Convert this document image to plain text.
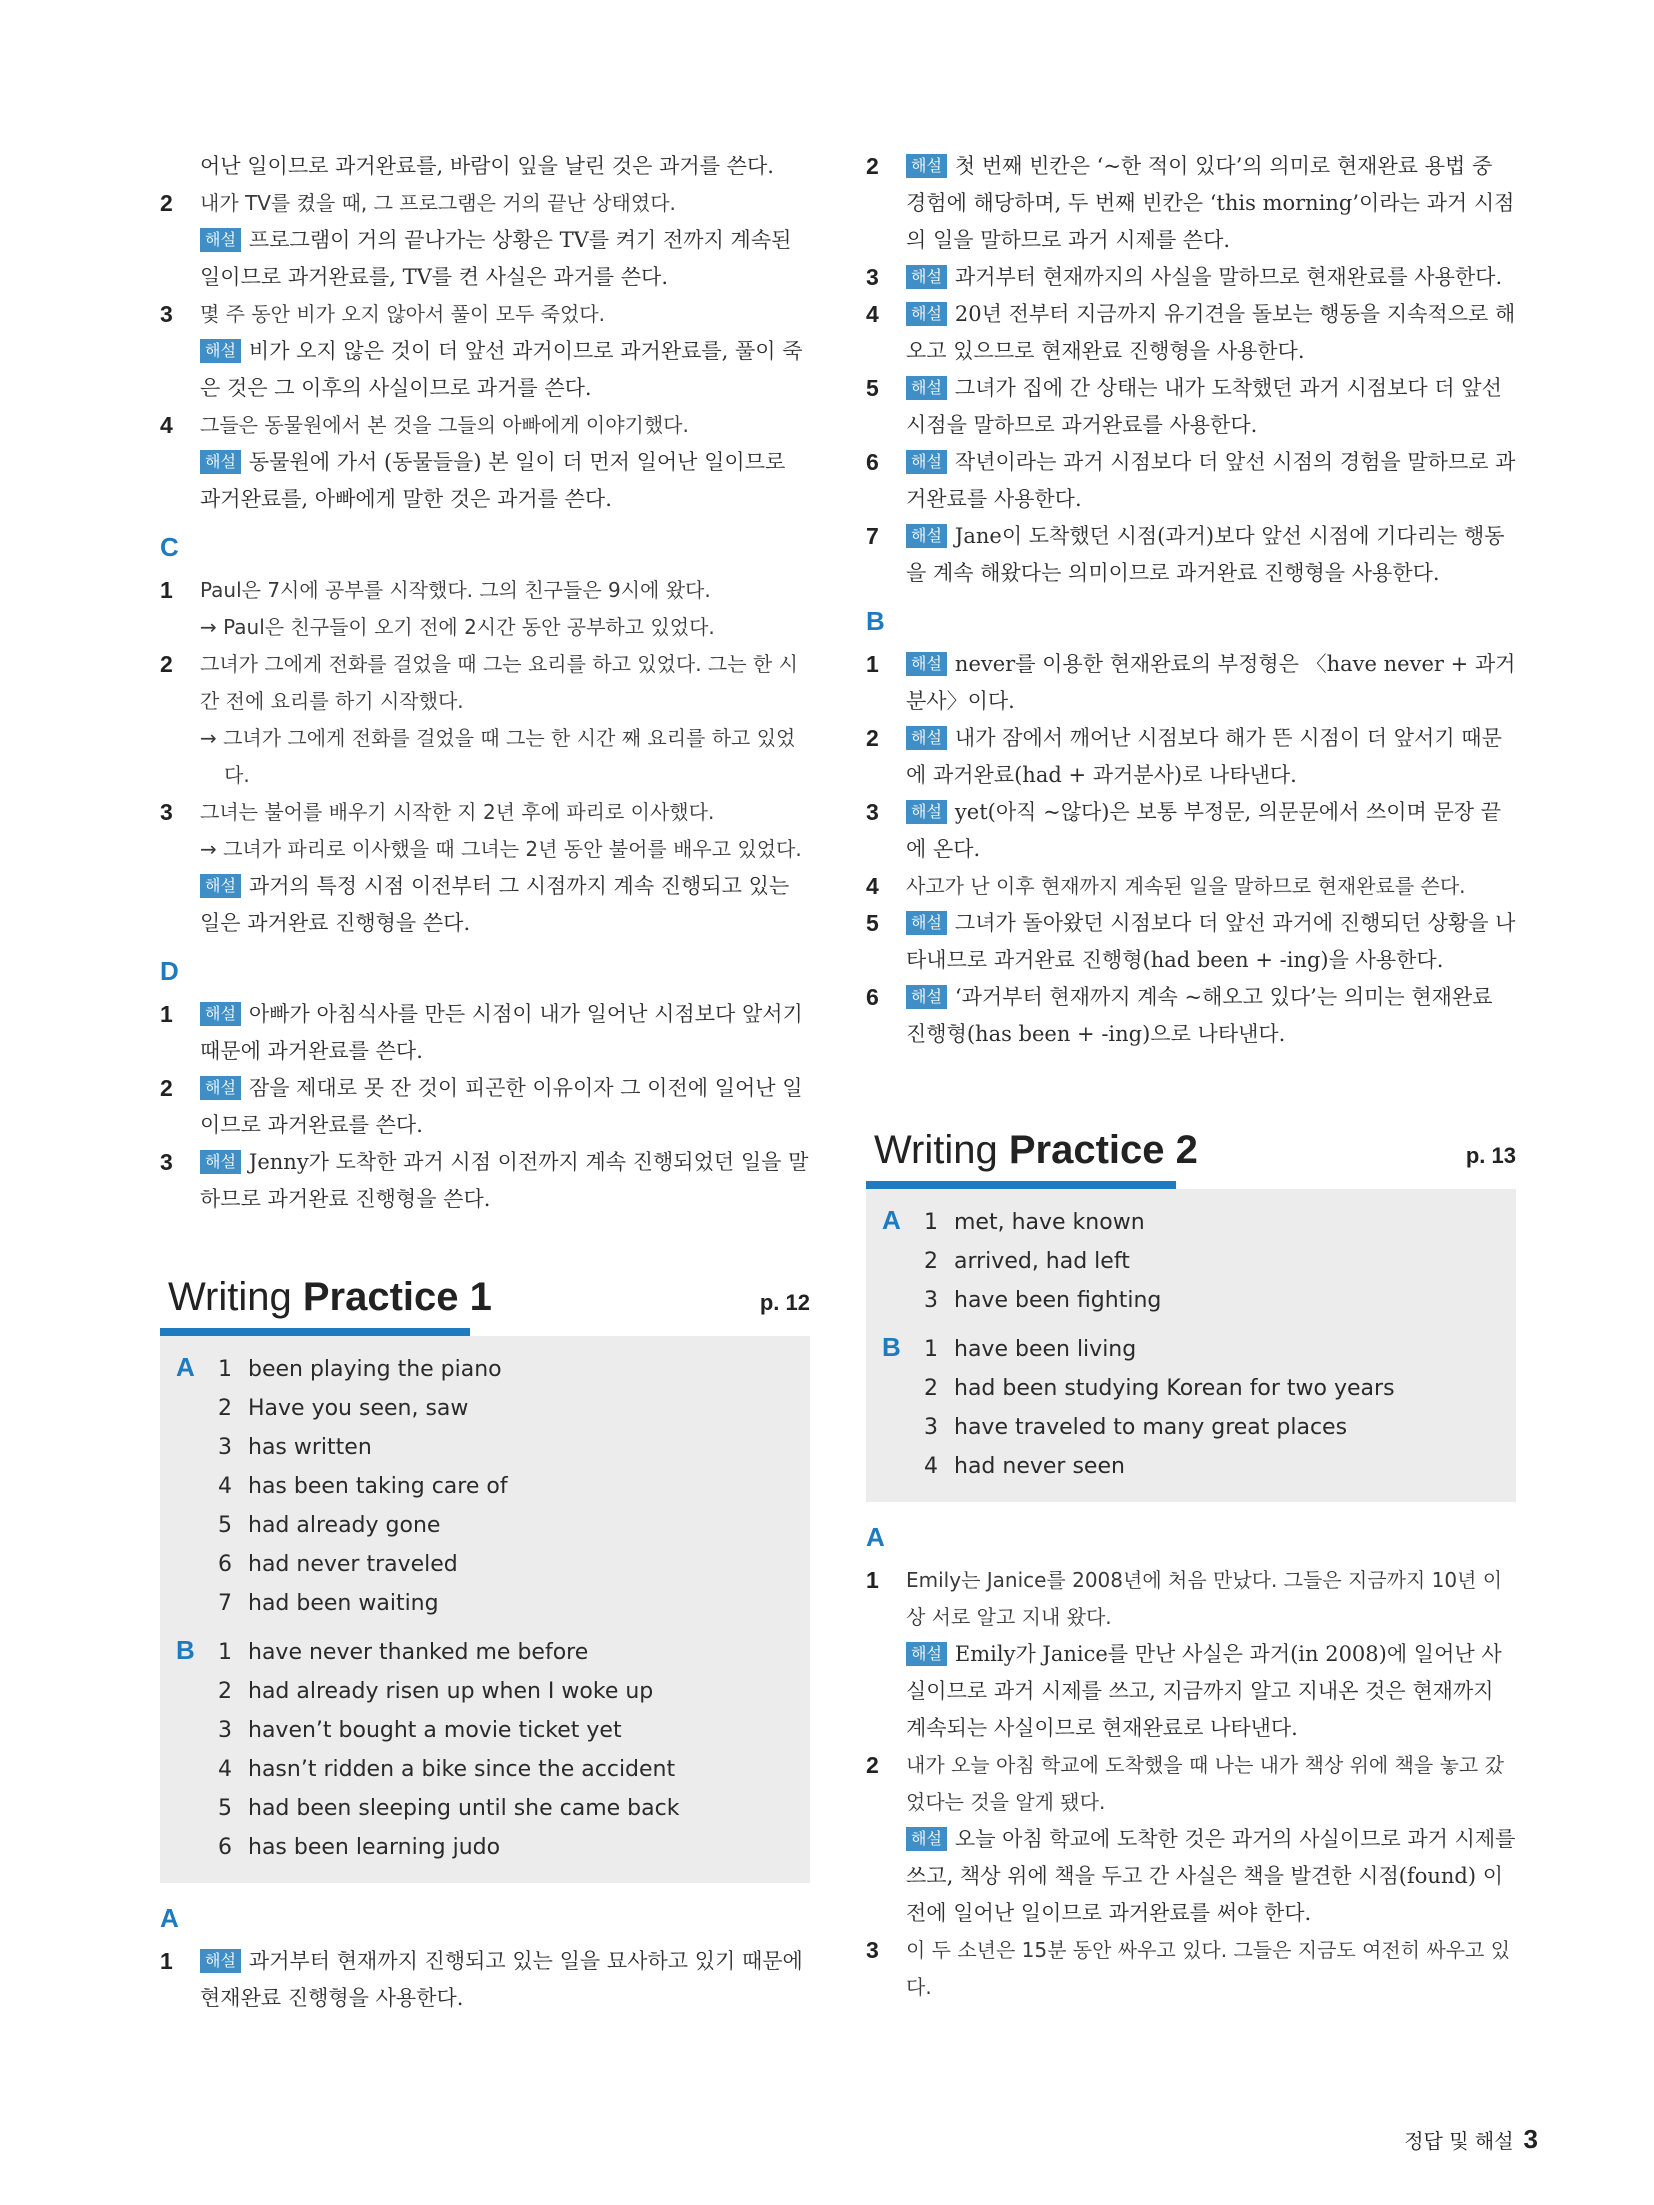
어난 일이므로 과거완료를, 바람이 잎을 날린 것은 과거를 쓴다.
2 내가 TV를 켰을 때, 그 프로그램은 거의 끝난 상태였다.
해설 프로그램이 거의 끝나가는 상황은 TV를 켜기 전까지 계속된 일이므로 과거완료를, TV를 켠 사실은 과거를 쓴다.
3 몇 주 동안 비가 오지 않아서 풀이 모두 죽었다.
해설 비가 오지 않은 것이 더 앞선 과거이므로 과거완료를, 풀이 죽은 것은 그 이후의 사실이므로 과거를 쓴다.
4 그들은 동물원에서 본 것을 그들의 아빠에게 이야기했다.
해설 동물원에 가서 (동물들을) 본 일이 더 먼저 일어난 일이므로 과거완료를, 아빠에게 말한 것은 과거를 쓴다.
C
1 Paul은 7시에 공부를 시작했다. 그의 친구들은 9시에 왔다.
→ Paul은 친구들이 오기 전에 2시간 동안 공부하고 있었다.
2 그녀가 그에게 전화를 걸었을 때 그는 요리를 하고 있었다. 그는 한 시간 전에 요리를 하기 시작했다.
→ 그녀가 그에게 전화를 걸었을 때 그는 한 시간 째 요리를 하고 있었다.
3 그녀는 불어를 배우기 시작한 지 2년 후에 파리로 이사했다.
→ 그녀가 파리로 이사했을 때 그녀는 2년 동안 불어를 배우고 있었다.
해설 과거의 특정 시점 이전부터 그 시점까지 계속 진행되고 있는 일은 과거완료 진행형을 쓴다.
D
1 해설 아빠가 아침식사를 만든 시점이 내가 일어난 시점보다 앞서기 때문에 과거완료를 쓴다.
2 해설 잠을 제대로 못 잔 것이 피곤한 이유이자 그 이전에 일어난 일이므로 과거완료를 쓴다.
3 해설 Jenny가 도착한 과거 시점 이전까지 계속 진행되었던 일을 말하므로 과거완료 진행형을 쓴다.
Writing Practice 1	p. 12
A 1 been playing the piano
2 Have you seen, saw
3 has written
4 has been taking care of
5 had already gone
6 had never traveled
7 had been waiting
B 1 have never thanked me before
2 had already risen up when I woke up
3 haven’t bought a movie ticket yet
4 hasn’t ridden a bike since the accident
5 had been sleeping until she came back
6 has been learning judo
A
1 해설 과거부터 현재까지 진행되고 있는 일을 묘사하고 있기 때문에 현재완료 진행형을 사용한다.
2 해설 첫 번째 빈칸은 ‘~한 적이 있다’의 의미로 현재완료 용법 중 경험에 해당하며, 두 번째 빈칸은 ‘this morning’이라는 과거 시점의 일을 말하므로 과거 시제를 쓴다.
3 해설 과거부터 현재까지의 사실을 말하므로 현재완료를 사용한다.
4 해설 20년 전부터 지금까지 유기견을 돌보는 행동을 지속적으로 해오고 있으므로 현재완료 진행형을 사용한다.
5 해설 그녀가 집에 간 상태는 내가 도착했던 과거 시점보다 더 앞선 시점을 말하므로 과거완료를 사용한다.
6 해설 작년이라는 과거 시점보다 더 앞선 시점의 경험을 말하므로 과거완료를 사용한다.
7 해설 Jane이 도착했던 시점(과거)보다 앞선 시점에 기다리는 행동을 계속 해왔다는 의미이므로 과거완료 진행형을 사용한다.
B
1 해설 never를 이용한 현재완료의 부정형은 〈have never + 과거분사〉이다.
2 해설 내가 잠에서 깨어난 시점보다 해가 뜬 시점이 더 앞서기 때문에 과거완료(had + 과거분사)로 나타낸다.
3 해설 yet(아직 ~않다)은 보통 부정문, 의문문에서 쓰이며 문장 끝에 온다.
4 사고가 난 이후 현재까지 계속된 일을 말하므로 현재완료를 쓴다.
5 해설 그녀가 돌아왔던 시점보다 더 앞선 과거에 진행되던 상황을 나타내므로 과거완료 진행형(had been + -ing)을 사용한다.
6 해설 ‘과거부터 현재까지 계속 ~해오고 있다’는 의미는 현재완료 진행형(has been + -ing)으로 나타낸다.
Writing Practice 2	p. 13
A 1 met, have known
2 arrived, had left
3 have been fighting
B 1 have been living
2 had been studying Korean for two years
3 have traveled to many great places
4 had never seen
A
1 Emily는 Janice를 2008년에 처음 만났다. 그들은 지금까지 10년 이상 서로 알고 지내 왔다.
해설 Emily가 Janice를 만난 사실은 과거(in 2008)에 일어난 사실이므로 과거 시제를 쓰고, 지금까지 알고 지내온 것은 현재까지 계속되는 사실이므로 현재완료로 나타낸다.
2 내가 오늘 아침 학교에 도착했을 때 나는 내가 책상 위에 책을 놓고 갔었다는 것을 알게 됐다.
해설 오늘 아침 학교에 도착한 것은 과거의 사실이므로 과거 시제를 쓰고, 책상 위에 책을 두고 간 사실은 책을 발견한 시점(found) 이전에 일어난 일이므로 과거완료를 써야 한다.
3 이 두 소년은 15분 동안 싸우고 있다. 그들은 지금도 여전히 싸우고 있다.
정답 및 해설 3
